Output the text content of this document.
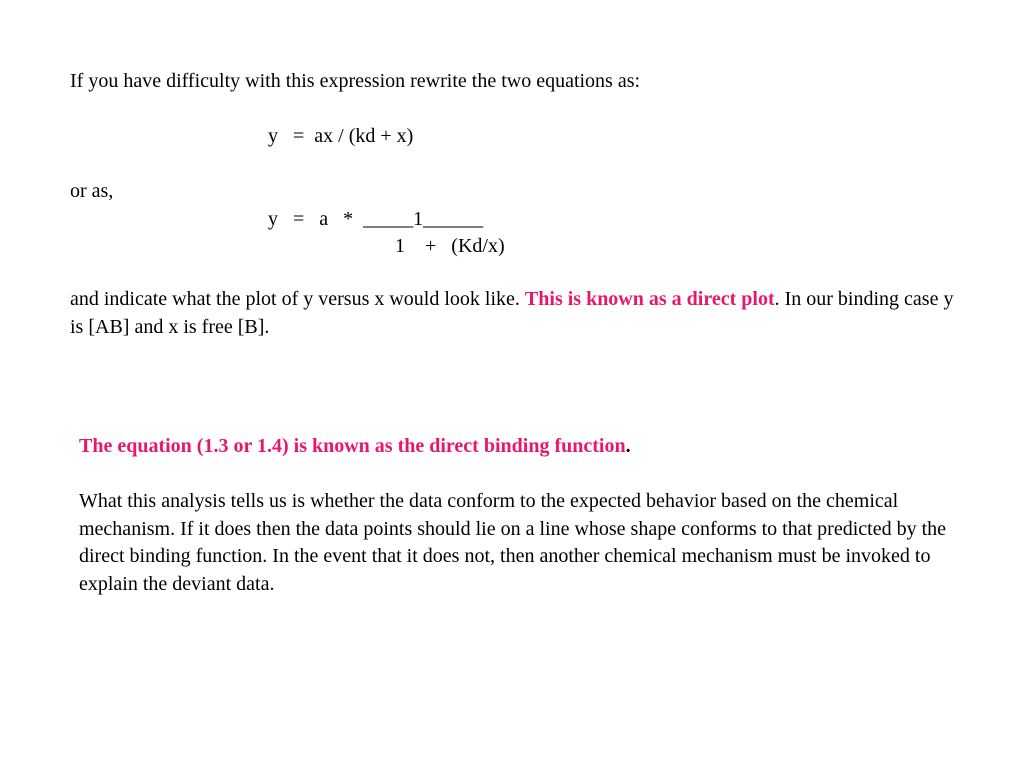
If you have difficulty with this expression rewrite the two equations as:
y   =  ax / (kd + x)
or as,
y   =   a   *  _____1______
1    +   (Kd/x)
and indicate what the plot of y versus x would look like. This is known as a direct plot. In our binding case y is [AB] and x is free [B].
The equation (1.3 or 1.4) is known as the direct binding function.
What this analysis tells us is whether the data conform to the expected behavior based on the chemical mechanism. If it does then the data points should lie on a line whose shape conforms to that predicted by the direct binding function. In the event that it does not, then another chemical mechanism must be invoked to explain the deviant data.
